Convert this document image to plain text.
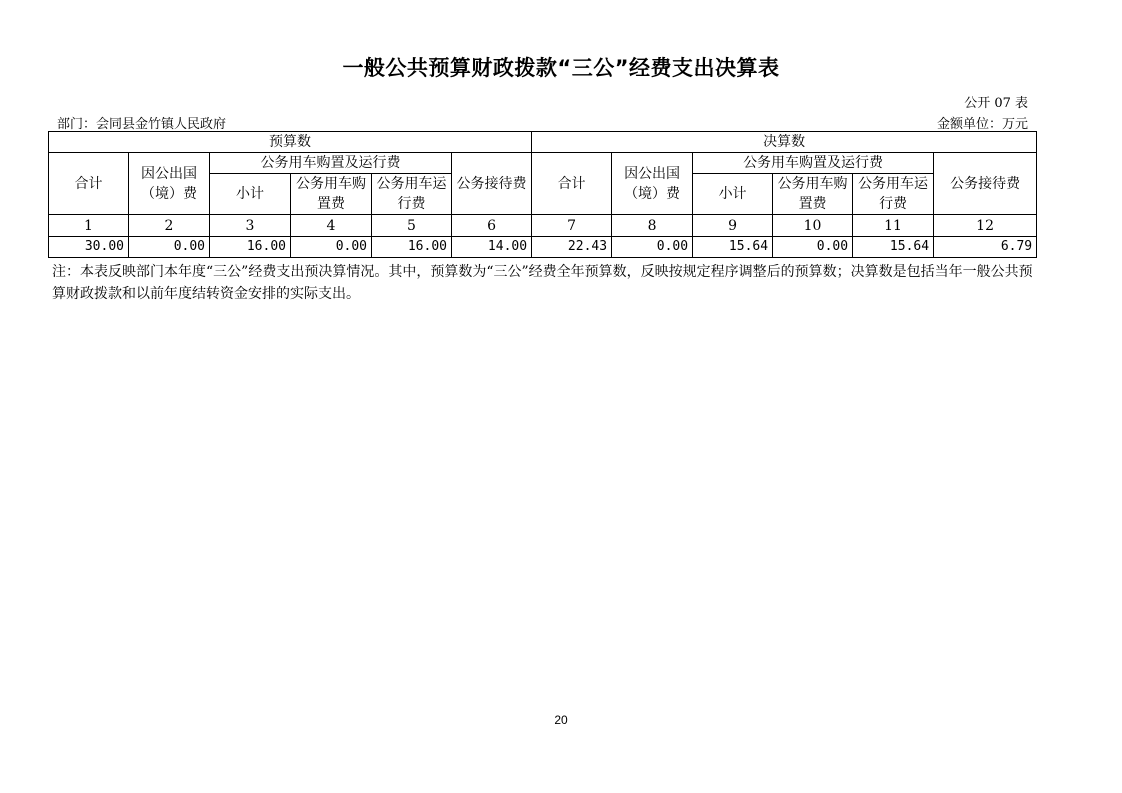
一般公共预算财政拨款“三公”经费支出决算表
公开 07 表
部门：会同县金竹镇人民政府	金额单位：万元
预算数						决算数					
合计	因公出国（境）费	公务用车购置及运行费			公务接待费	合计	因公出国（境）费	公务用车购置及运行费			公务接待费
		小计	公务用车购置费	公务用车运行费				小计	公务用车购置费	公务用车运行费	
1	2	3	4	5	6	7	8	9	10	11	12
30.00	0.00	16.00	0.00	16.00	14.00	22.43	0.00	15.64	0.00	15.64	6.79
注：本表反映部门本年度“三公”经费支出预决算情况。其中，预算数为“三公”经费全年预算数，反映按规定程序调整后的预算数；决算数是包括当年一般公共预算财政拨款和以前年度结转资金安排的实际支出。
20
